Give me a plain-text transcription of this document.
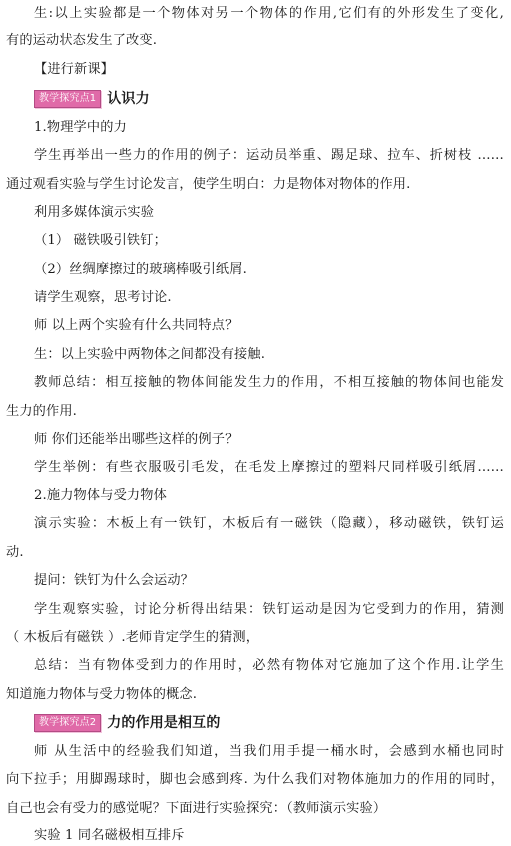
生:以上实验都是一个物体对另一个物体的作用,它们有的外形发生了变化,
有的运动状态发生了改变.
【进行新课】
教学探究点1 认识力
1.物理学中的力
学生再举出一些力的作用的例子：运动员举重、踢足球、拉车、折树枝 ……
通过观看实验与学生讨论发言，使学生明白：力是物体对物体的作用.
利用多媒体演示实验
（1） 磁铁吸引铁钉；
（2）丝绸摩擦过的玻璃棒吸引纸屑.
请学生观察，思考讨论.
师 以上两个实验有什么共同特点？
生：以上实验中两物体之间都没有接触.
教师总结：相互接触的物体间能发生力的作用，不相互接触的物体间也能发
生力的作用.
师 你们还能举出哪些这样的例子？
学生举例：有些衣服吸引毛发，在毛发上摩擦过的塑料尺同样吸引纸屑……
2.施力物体与受力物体
演示实验：木板上有一铁钉，木板后有一磁铁（隐藏），移动磁铁，铁钉运
动.
提问：铁钉为什么会运动？
学生观察实验，讨论分析得出结果：铁钉运动是因为它受到力的作用，猜测
（ 木板后有磁铁 ）.老师肯定学生的猜测，
总结：当有物体受到力的作用时，必然有物体对它施加了这个作用.让学生
知道施力物体与受力物体的概念.
教学探究点2 力的作用是相互的
师 从生活中的经验我们知道，当我们用手提一桶水时，会感到水桶也同时
向下拉手；用脚踢球时，脚也会感到疼. 为什么我们对物体施加力的作用的同时，
自己也会有受力的感觉呢？下面进行实验探究：（教师演示实验）
实验 1 同名磁极相互排斥
